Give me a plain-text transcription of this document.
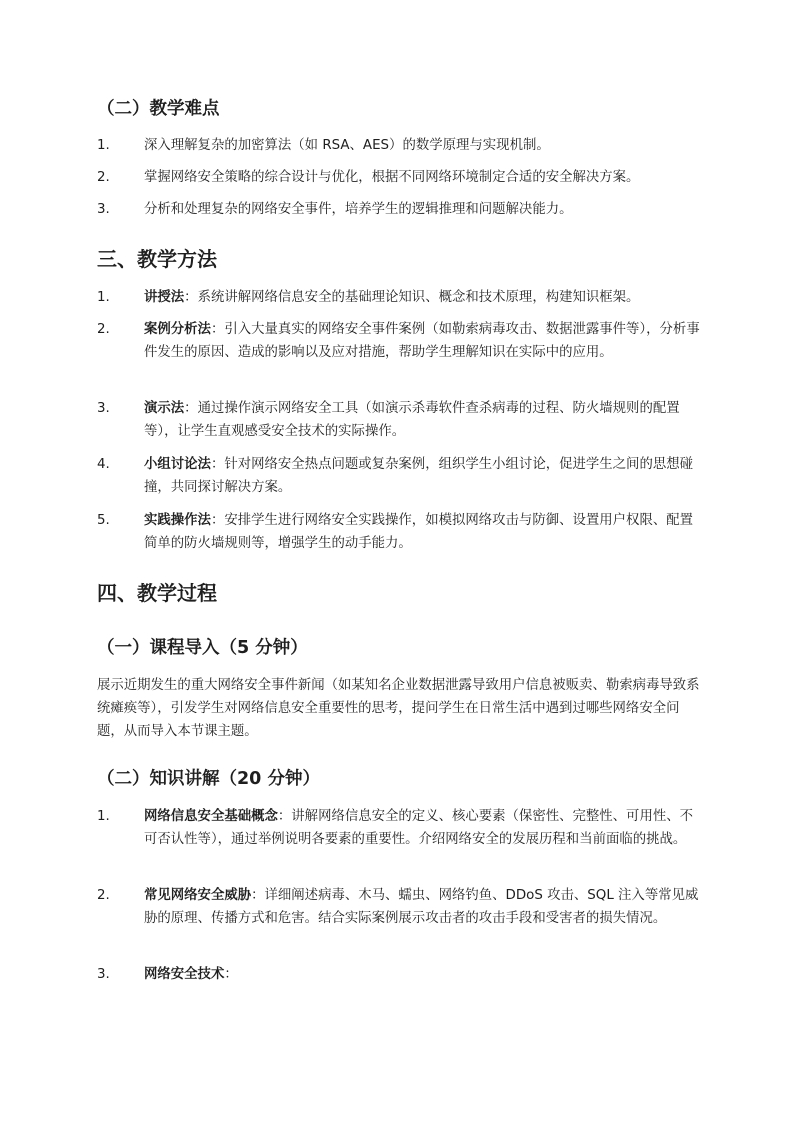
（二）教学难点
1.	深入理解复杂的加密算法（如 RSA、AES）的数学原理与实现机制。
2.	掌握网络安全策略的综合设计与优化，根据不同网络环境制定合适的安全解决方案。
3.	分析和处理复杂的网络安全事件，培养学生的逻辑推理和问题解决能力。
三、教学方法
1.	讲授法：系统讲解网络信息安全的基础理论知识、概念和技术原理，构建知识框架。
2.	案例分析法：引入大量真实的网络安全事件案例（如勒索病毒攻击、数据泄露事件等），分析事件发生的原因、造成的影响以及应对措施，帮助学生理解知识在实际中的应用。
3.	演示法：通过操作演示网络安全工具（如演示杀毒软件查杀病毒的过程、防火墙规则的配置等），让学生直观感受安全技术的实际操作。
4.	小组讨论法：针对网络安全热点问题或复杂案例，组织学生小组讨论，促进学生之间的思想碰撞，共同探讨解决方案。
5.	实践操作法：安排学生进行网络安全实践操作，如模拟网络攻击与防御、设置用户权限、配置简单的防火墙规则等，增强学生的动手能力。
四、教学过程
（一）课程导入（5 分钟）
展示近期发生的重大网络安全事件新闻（如某知名企业数据泄露导致用户信息被贩卖、勒索病毒导致系统瘫痪等），引发学生对网络信息安全重要性的思考，提问学生在日常生活中遇到过哪些网络安全问题，从而导入本节课主题。
（二）知识讲解（20 分钟）
1.	网络信息安全基础概念：讲解网络信息安全的定义、核心要素（保密性、完整性、可用性、不可否认性等），通过举例说明各要素的重要性。介绍网络安全的发展历程和当前面临的挑战。
2.	常见网络安全威胁：详细阐述病毒、木马、蠕虫、网络钓鱼、DDoS 攻击、SQL 注入等常见威胁的原理、传播方式和危害。结合实际案例展示攻击者的攻击手段和受害者的损失情况。
3.	网络安全技术：
